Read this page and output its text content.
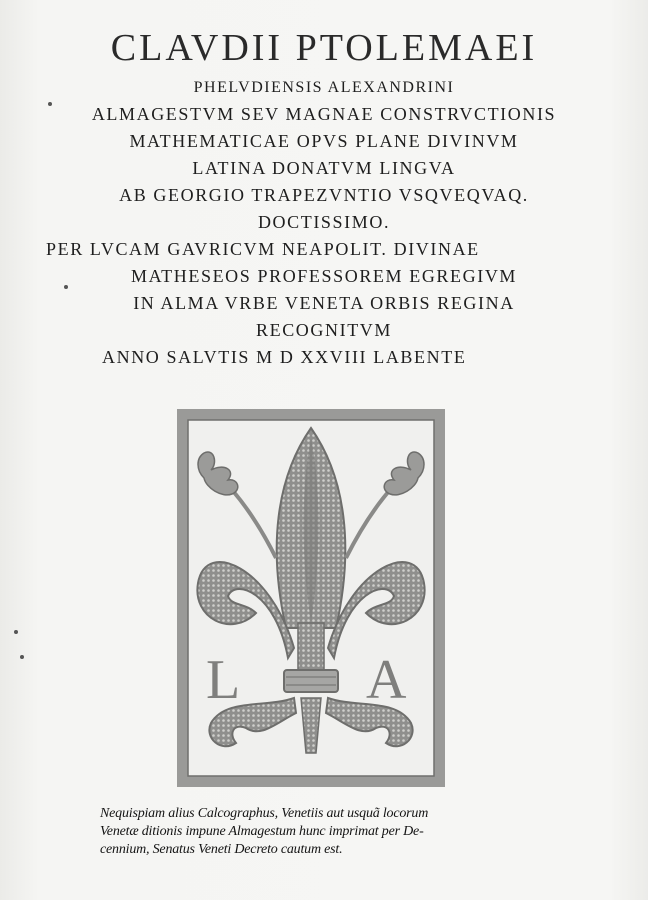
CLAVDII PTOLEMAEI
PHELVDIENSIS ALEXANDRINI
ALMAGESTVM SEV MAGNAE CONSTRVCTIONIS
MATHEMATICAE OPVS PLANE DIVINVM
LATINA DONATVM LINGVA
AB GEORGIO TRAPEZVNTIO VSQVEQVAQ.
DOCTISSIMO.
PER LVCAM GAVRICVM NEAPOLIT. DIVINAE
MATHESEOS PROFESSOREM EGREGIVM
IN ALMA VRBE VENETA ORBIS REGINA
RECOGNITVM
ANNO SALVTIS M D XXVIII LABENTE
L A
Nequispiam alius Calcographus, Venetiis aut usquã locorum
Venetæ ditionis impune Almagestum hunc imprimat per De-
cennium, Senatus Veneti Decreto cautum est.
